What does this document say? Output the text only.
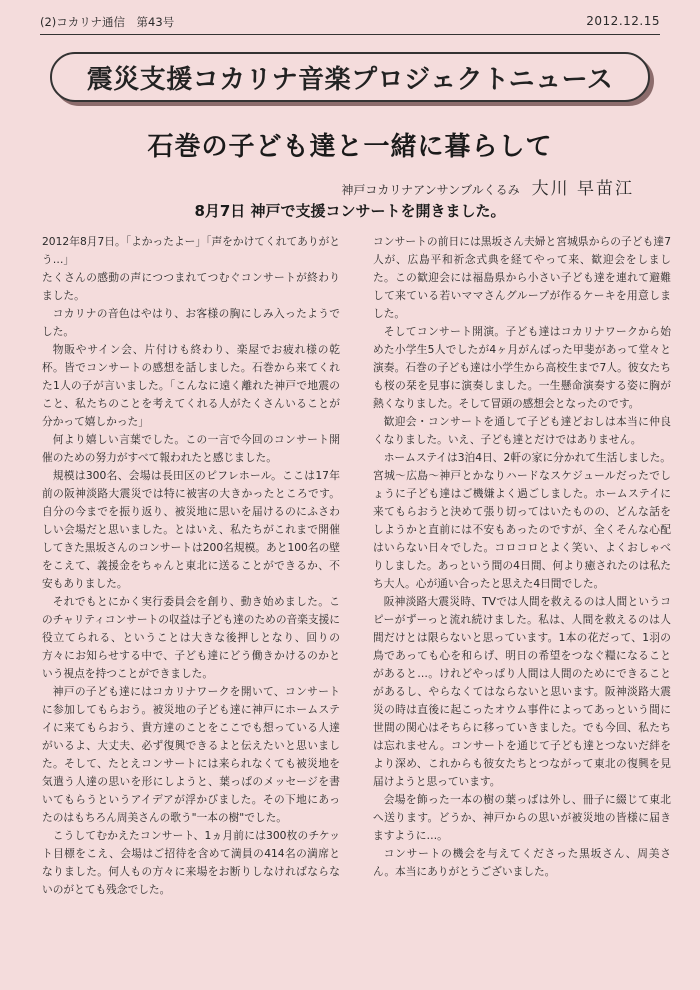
(2)コカリナ通信　第43号	2012.12.15
震災支援コカリナ音楽プロジェクトニュース
石巻の子ども達と一緒に暮らして
神戸コカリナアンサンブルくるみ 大川 早苗江
8月7日 神戸で支援コンサートを開きました。

2012年8月7日。「よかったよー」「声をかけてくれてありがとう…」

たくさんの感動の声につつまれてつむぐコンサートが終わりました。

コカリナの音色はやはり、お客様の胸にしみ入ったようでした。

物販やサイン会、片付けも終わり、楽屋でお疲れ様の乾杯。皆でコンサートの感想を話しました。石巻から来てくれた1人の子が言いました。「こんなに遠く離れた神戸で地震のこと、私たちのことを考えてくれる人がたくさんいることが分かって嬉しかった」

何より嬉しい言葉でした。この一言で今回のコンサート開催のための努力がすべて報われたと感じました。

規模は300名、会場は長田区のピフレホール。ここは17年前の阪神淡路大震災では特に被害の大きかったところです。自分の今までを振り返り、被災地に思いを届けるのにふさわしい会場だと思いました。とはいえ、私たちがこれまで開催してきた黒坂さんのコンサートは200名規模。あと100名の壁をこえて、義援金をちゃんと東北に送ることができるか、不安もありました。

それでもとにかく実行委員会を創り、動き始めました。このチャリティコンサートの収益は子ども達のための音楽支援に役立てられる、ということは大きな後押しとなり、回りの方々にお知らせする中で、子ども達にどう働きかけるのかという視点を持つことができました。

神戸の子ども達にはコカリナワークを開いて、コンサートに参加してもらおう。被災地の子ども達に神戸にホームステイに来てもらおう、貴方達のことをここでも想っている人達がいるよ、大丈夫、必ず復興できるよと伝えたいと思いました。そして、たとえコンサートには来られなくても被災地を気遣う人達の思いを形にしようと、葉っぱのメッセージを書いてもらうというアイデアが浮かびました。その下地にあったのはもちろん周美さんの歌う"一本の樹"でした。

こうしてむかえたコンサート、1ヵ月前には300枚のチケット目標をこえ、会場はご招待を含めて満員の414名の満席となりました。何人もの方々に来場をお断りしなければならないのがとても残念でした。

コンサートの前日には黒坂さん夫婦と宮城県からの子ども達7人が、広島平和祈念式典を経てやって来、歓迎会をしました。この歓迎会には福島県から小さい子ども達を連れて避難して来ている若いママさんグループが作るケーキを用意しました。

そしてコンサート開演。子ども達はコカリナワークから始めた小学生5人でしたが4ヶ月がんばった甲斐があって堂々と演奏。石巻の子ども達は小学生から高校生まで7人。彼女たちも桜の栞を見事に演奏しました。一生懸命演奏する姿に胸が熱くなりました。そして冒頭の感想会となったのです。

歓迎会・コンサートを通して子ども達どおしは本当に仲良くなりました。いえ、子ども達とだけではありません。

ホームステイは3泊4日、2軒の家に分かれて生活しました。宮城～広島～神戸とかなりハードなスケジュールだったでしょうに子ども達はご機嫌よく過ごしました。ホームステイに来てもらおうと決めて張り切ってはいたものの、どんな話をしようかと直前には不安もあったのですが、全くそんな心配はいらない日々でした。コロコロとよく笑い、よくおしゃべりしました。あっという間の4日間、何より癒されたのは私たち大人。心が通い合ったと思えた4日間でした。

阪神淡路大震災時、TVでは人間を救えるのは人間というコピーがずーっと流れ続けました。私は、人間を救えるのは人間だけとは限らないと思っています。1本の花だって、1羽の鳥であっても心を和らげ、明日の希望をつなぐ糧になることがあると…。けれどやっぱり人間は人間のためにできることがあるし、やらなくてはならないと思います。阪神淡路大震災の時は直後に起こったオウム事件によってあっという間に世間の関心はそちらに移っていきました。でも今回、私たちは忘れません。コンサートを通じて子ども達とつないだ絆をより深め、これからも彼女たちとつながって東北の復興を見届けようと思っています。

会場を飾った一本の樹の葉っぱは外し、冊子に綴じて東北へ送ります。どうか、神戸からの思いが被災地の皆様に届きますように…。

コンサートの機会を与えてくださった黒坂さん、周美さん。本当にありがとうございました。
